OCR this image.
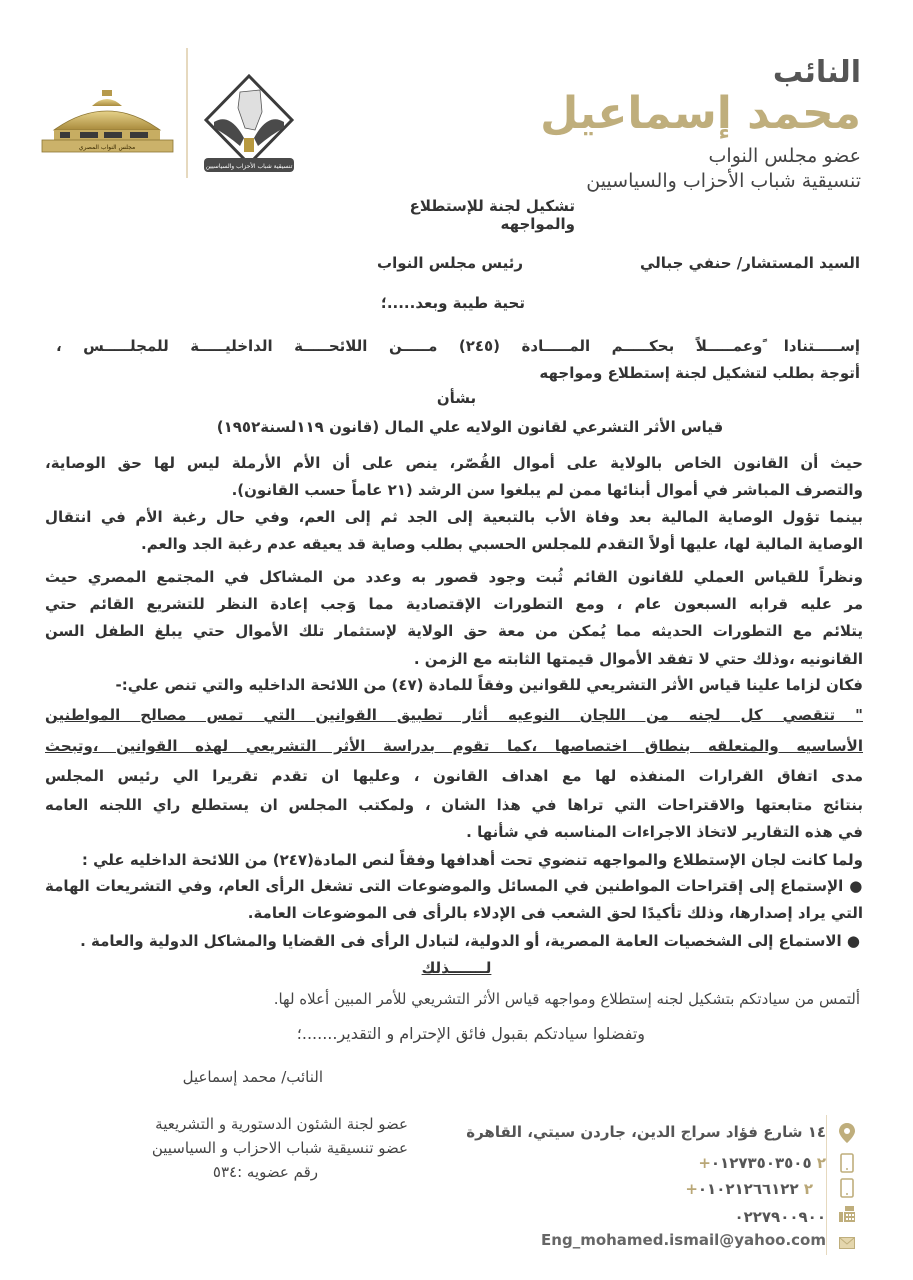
النائب
محمد إسماعيل
عضو مجلس النواب
تنسيقية شباب الأحزاب والسياسيين
مجلس النواب المصري
تنسيقية شباب الأحزاب والسياسيين
تشكيل لجنة للإستطلاع والمواجهه
السيد المستشار/ حنفي جبالي
رئيس مجلس النواب
تحية طيبة وبعد.....؛
إســـــتنادا ًوعمـــــلاً بحكـــــم المـــــادة (٢٤٥) مـــــن اللائحـــــة الداخليـــــة للمجلـــــس ،
أتوجة بطلب لتشكيل لجنة إستطلاع ومواجهه
بشأن
قياس الأثر التشرعي لقانون الولايه علي المال (قانون ١١٩لسنة١٩٥٢)
حيث أن القانون الخاص بالولاية على أموال القُصّر، ينص على أن الأم الأرملة ليس لها حق الوصاية،
والتصرف المباشر في أموال أبنائها ممن لم يبلغوا سن الرشد (٢١ عاماً حسب القانون).
بينما تؤول الوصاية المالية بعد وفاة الأب بالتبعية إلى الجد ثم إلى العم، وفي حال رغبة الأم في انتقال
الوصاية المالية لها، عليها أولاً التقدم للمجلس الحسبي بطلب وصاية قد يعيقه عدم رغبة الجد والعم.
ونظراً للقياس العملي للقانون القائم ثُبت وجود قصور به وعدد من المشاكل في المجتمع المصري حيث
مر عليه قرابه السبعون عام ، ومع التطورات الإقتصادية مما وَجب إعادة النظر للتشريع القائم حتي
يتلائم مع التطورات الحديثه مما يُمكن من معة حق الولاية لإستثمار تلك الأموال حتي يبلغ الطفل السن
القانونيه ،وذلك حتي لا تفقد الأموال قيمتها الثابته مع الزمن .
فكان لزاما علينا قياس الأثر التشريعي للقوانين وفقاً للمادة (٤٧) من اللائحة الداخليه والتي تنص علي:-
" تتقصي كل لجنه من اللجان النوعيه أثار تطبيق القوانين التي تمس مصالح المواطنين
الأساسيه والمتعلقه بنطاق اختصاصها ،كما تقوم بدراسة الأثر التشريعي لهذه القوانين ،وتبحث
مدى اتفاق القرارات المنفذه لها مع اهداف القانون ، وعليها ان تقدم تقريرا الي رئيس المجلس
بنتائج متابعتها والاقتراحات التي تراها في هذا الشان ، ولمكتب المجلس ان يستطلع راي اللجنه العامه
في هذه التقارير لاتخاذ الاجراءات المناسبه في شأنها .
ولما كانت لجان الإستطلاع والمواجهه تنضوي تحت أهدافها وفقاً لنص المادة(٢٤٧) من اللائحة الداخليه علي :
● الإستماع إلى إقتراحات المواطنين في المسائل والموضوعات التى تشغل الرأى العام، وفي التشريعات الهامة
التي يراد إصدارها، وذلك تأكيدًا لحق الشعب فى الإدلاء بالرأى فى الموضوعات العامة.
● الاستماع إلى الشخصيات العامة المصرية، أو الدولية، لتبادل الرأى فى القضايا والمشاكل الدولية والعامة .
لـــــــذلك
ألتمس من سيادتكم بتشكيل لجنه إستطلاع ومواجهه قياس الأثر التشريعي للأمر المبين أعلاه لها.
وتفضلوا سيادتكم بقبول فائق الإحترام و التقدير.......؛
النائب/ محمد إسماعيل
عضو لجنة الشئون الدستورية و التشريعية
عضو تنسيقية شباب الاحزاب و السياسيين
رقم عضويه :٥٣٤
١٤ شارع فؤاد سراج الدين، جاردن سيتي، القاهرة
+٢ ٠١٢٧٣٥٠٣٥٠٥
+٢ ٠١٠٢١٢٦٦١٢٢
٠٢٢٧٩٠٠٩٠٠
Eng_mohamed.ismail@yahoo.com
